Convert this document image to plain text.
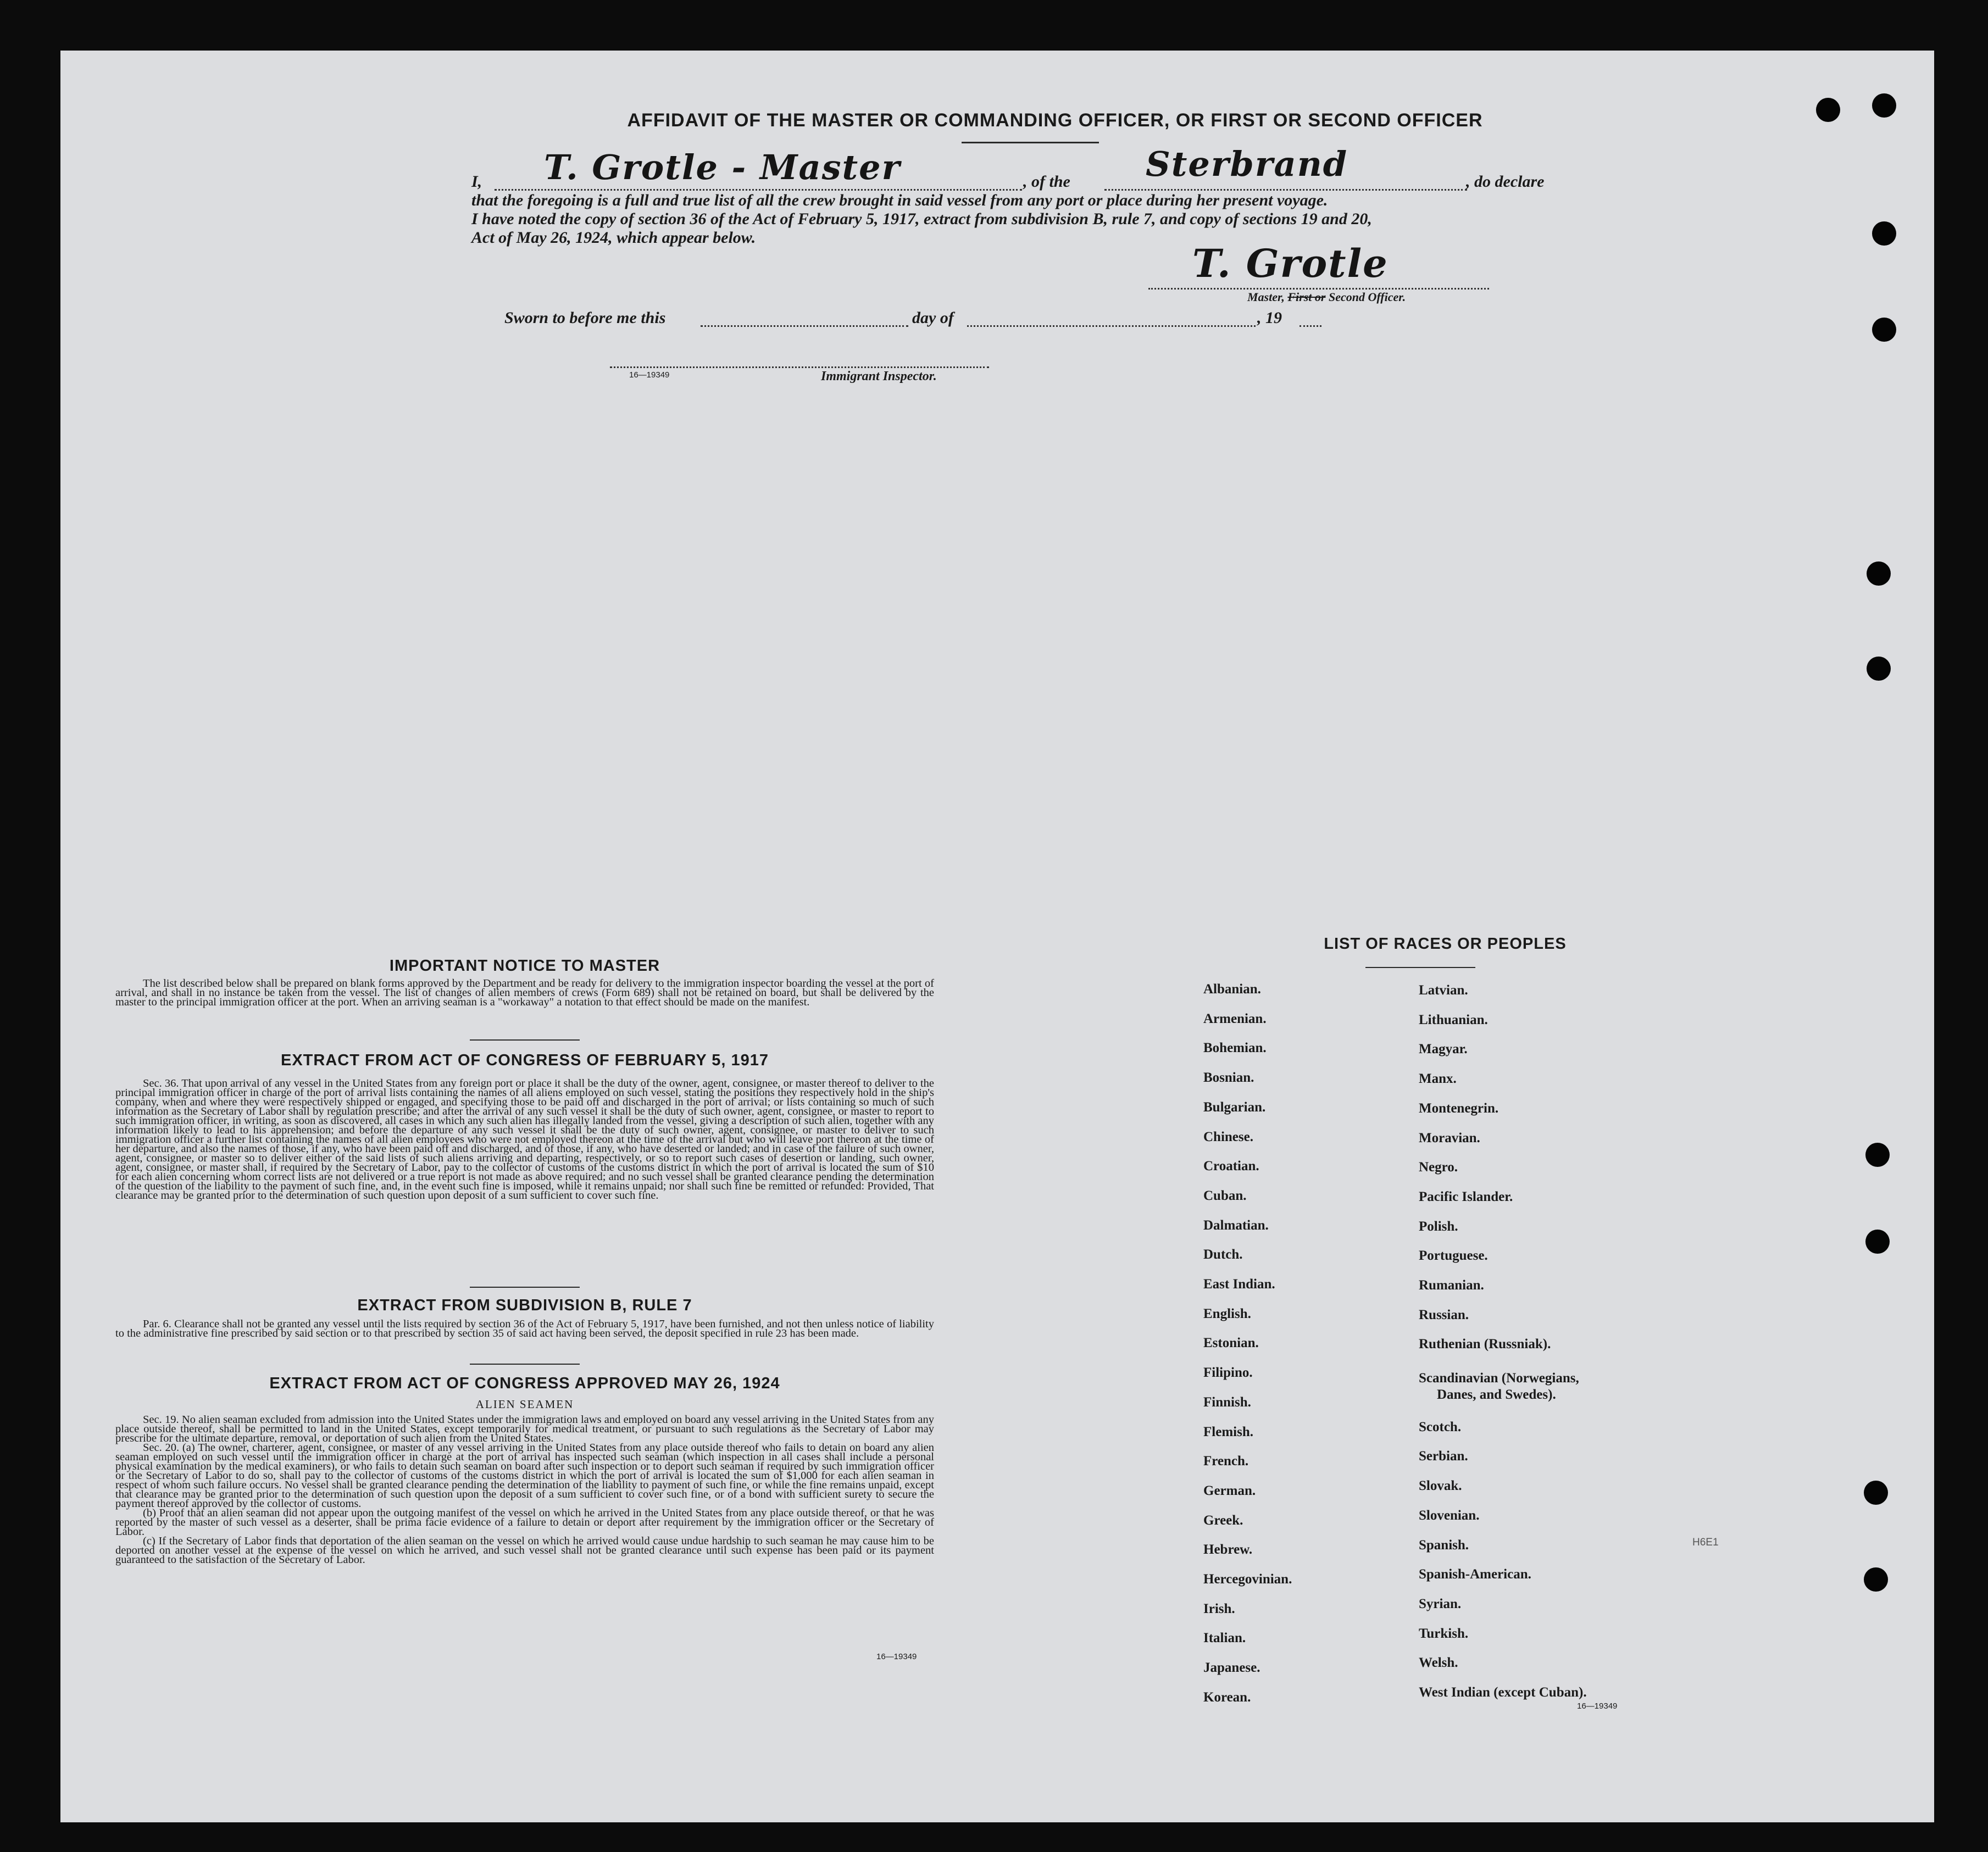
AFFIDAVIT OF THE MASTER OR COMMANDING OFFICER, OR FIRST OR SECOND OFFICER
I, T. Grotle - Master	, of the Sterbrand	, do declare
that the foregoing is a full and true list of all the crew brought in said vessel from any port or place during her present voyage.
I have noted the copy of section 36 of the Act of February 5, 1917, extract from subdivision B, rule 7, and copy of sections 19 and 20,
Act of May 26, 1924, which appear below.
T. Grotle
Master, First or Second Officer.
Sworn to before me this	day of	, 19
16—19349	Immigrant Inspector.
IMPORTANT NOTICE TO MASTER

The list described below shall be prepared on blank forms approved by the Department and be ready for delivery to the immigration inspector boarding the vessel at the port of arrival, and shall in no instance be taken from the vessel. The list of changes of alien members of crews (Form 689) shall not be retained on board, but shall be delivered by the master to the principal immigration officer at the port. When an arriving seaman is a "workaway" a notation to that effect should be made on the manifest.

EXTRACT FROM ACT OF CONGRESS OF FEBRUARY 5, 1917

Sec. 36. That upon arrival of any vessel in the United States from any foreign port or place it shall be the duty of the owner, agent, consignee, or master thereof to deliver to the principal immigration officer in charge of the port of arrival lists containing the names of all aliens employed on such vessel, stating the positions they respectively hold in the ship's company, when and where they were respectively shipped or engaged, and specifying those to be paid off and discharged in the port of arrival; or lists containing so much of such information as the Secretary of Labor shall by regulation prescribe; and after the arrival of any such vessel it shall be the duty of such owner, agent, consignee, or master to report to such immigration officer, in writing, as soon as discovered, all cases in which any such alien has illegally landed from the vessel, giving a description of such alien, together with any information likely to lead to his apprehension; and before the departure of any such vessel it shall be the duty of such owner, agent, consignee, or master to deliver to such immigration officer a further list containing the names of all alien employees who were not employed thereon at the time of the arrival but who will leave port thereon at the time of her departure, and also the names of those, if any, who have been paid off and discharged, and of those, if any, who have deserted or landed; and in case of the failure of such owner, agent, consignee, or master so to deliver either of the said lists of such aliens arriving and departing, respectively, or so to report such cases of desertion or landing, such owner, agent, consignee, or master shall, if required by the Secretary of Labor, pay to the collector of customs of the customs district in which the port of arrival is located the sum of $10 for each alien concerning whom correct lists are not delivered or a true report is not made as above required; and no such vessel shall be granted clearance pending the determination of the question of the liability to the payment of such fine, and, in the event such fine is imposed, while it remains unpaid; nor shall such fine be remitted or refunded: Provided, That clearance may be granted prior to the determination of such question upon deposit of a sum sufficient to cover such fine.

EXTRACT FROM SUBDIVISION B, RULE 7

Par. 6. Clearance shall not be granted any vessel until the lists required by section 36 of the Act of February 5, 1917, have been furnished, and not then unless notice of liability to the administrative fine prescribed by said section or to that prescribed by section 35 of said act having been served, the deposit specified in rule 23 has been made.

EXTRACT FROM ACT OF CONGRESS APPROVED MAY 26, 1924
ALIEN SEAMEN

Sec. 19. No alien seaman excluded from admission into the United States under the immigration laws and employed on board any vessel arriving in the United States from any place outside thereof, shall be permitted to land in the United States, except temporarily for medical treatment, or pursuant to such regulations as the Secretary of Labor may prescribe for the ultimate departure, removal, or deportation of such alien from the United States.

Sec. 20. (a) The owner, charterer, agent, consignee, or master of any vessel arriving in the United States from any place outside thereof who fails to detain on board any alien seaman employed on such vessel until the immigration officer in charge at the port of arrival has inspected such seaman (which inspection in all cases shall include a personal physical examination by the medical examiners), or who fails to detain such seaman on board after such inspection or to deport such seaman if required by such immigration officer or the Secretary of Labor to do so, shall pay to the collector of customs of the customs district in which the port of arrival is located the sum of $1,000 for each alien seaman in respect of whom such failure occurs. No vessel shall be granted clearance pending the determination of the liability to payment of such fine, or while the fine remains unpaid, except that clearance may be granted prior to the determination of such question upon the deposit of a sum sufficient to cover such fine, or of a bond with sufficient surety to secure the payment thereof approved by the collector of customs.

(b) Proof that an alien seaman did not appear upon the outgoing manifest of the vessel on which he arrived in the United States from any place outside thereof, or that he was reported by the master of such vessel as a deserter, shall be prima facie evidence of a failure to detain or deport after requirement by the immigration officer or the Secretary of Labor.

(c) If the Secretary of Labor finds that deportation of the alien seaman on the vessel on which he arrived would cause undue hardship to such seaman he may cause him to be deported on another vessel at the expense of the vessel on which he arrived, and such vessel shall not be granted clearance until such expense has been paid or its payment guaranteed to the satisfaction of the Secretary of Labor.

16—19349
LIST OF RACES OR PEOPLES
Albanian.
Armenian.
Bohemian.
Bosnian.
Bulgarian.
Chinese.
Croatian.
Cuban.
Dalmatian.
Dutch.
East Indian.
English.
Estonian.
Filipino.
Finnish.
Flemish.
French.
German.
Greek.
Hebrew.
Hercegovinian.
Irish.
Italian.
Japanese.
Korean.
Latvian.
Lithuanian.
Magyar.
Manx.
Montenegrin.
Moravian.
Negro.
Pacific Islander.
Polish.
Portuguese.
Rumanian.
Russian.
Ruthenian (Russniak).
Scandinavian (Norwegians,
Danes, and Swedes).
Scotch.
Serbian.
Slovak.
Slovenian.
Spanish.
Spanish-American.
Syrian.
Turkish.
Welsh.
West Indian (except Cuban).
16—19349
H6E1
